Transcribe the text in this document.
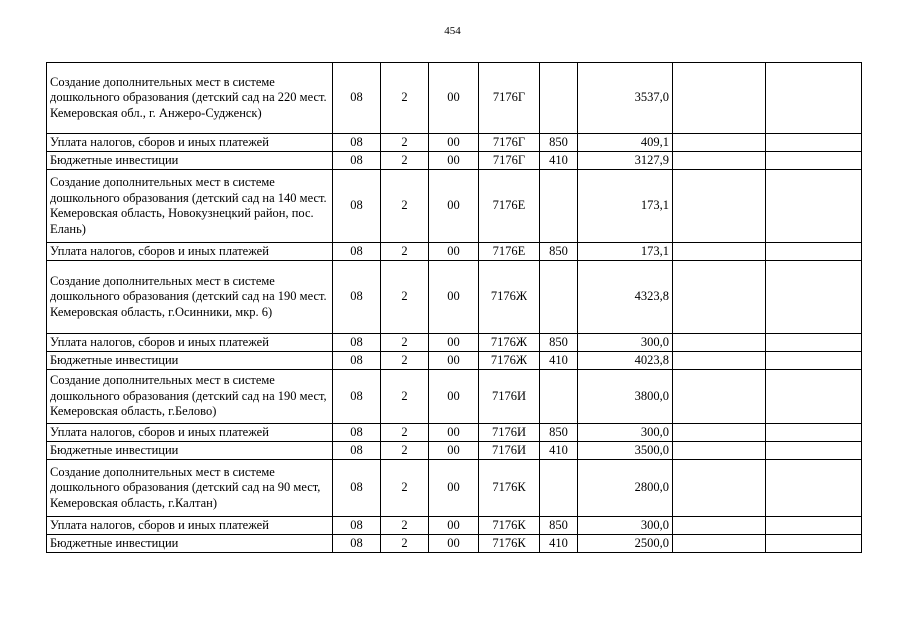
454
Создание дополнительных мест в системе дошкольного образования (детский сад на 220 мест. Кемеровская обл., г. Анжеро-Судженск)	08	2	00	7176Г		3537,0		
Уплата налогов, сборов и иных платежей	08	2	00	7176Г	850	409,1		
Бюджетные инвестиции	08	2	00	7176Г	410	3127,9		
Создание дополнительных мест в системе дошкольного образования (детский сад на 140 мест. Кемеровская область, Новокузнецкий район, пос. Елань)	08	2	00	7176Е		173,1		
Уплата налогов, сборов и иных платежей	08	2	00	7176Е	850	173,1		
Создание дополнительных мест в системе дошкольного образования (детский сад на 190 мест. Кемеровская область, г.Осинники, мкр. 6)	08	2	00	7176Ж		4323,8		
Уплата налогов, сборов и иных платежей	08	2	00	7176Ж	850	300,0		
Бюджетные инвестиции	08	2	00	7176Ж	410	4023,8		
Создание дополнительных мест в системе дошкольного образования (детский сад на 190 мест, Кемеровская область, г.Белово)	08	2	00	7176И		3800,0		
Уплата налогов, сборов и иных платежей	08	2	00	7176И	850	300,0		
Бюджетные инвестиции	08	2	00	7176И	410	3500,0		
Создание дополнительных мест в системе дошкольного образования (детский сад на 90 мест, Кемеровская область, г.Калтан)	08	2	00	7176К		2800,0		
Уплата налогов, сборов и иных платежей	08	2	00	7176К	850	300,0		
Бюджетные инвестиции	08	2	00	7176К	410	2500,0		
